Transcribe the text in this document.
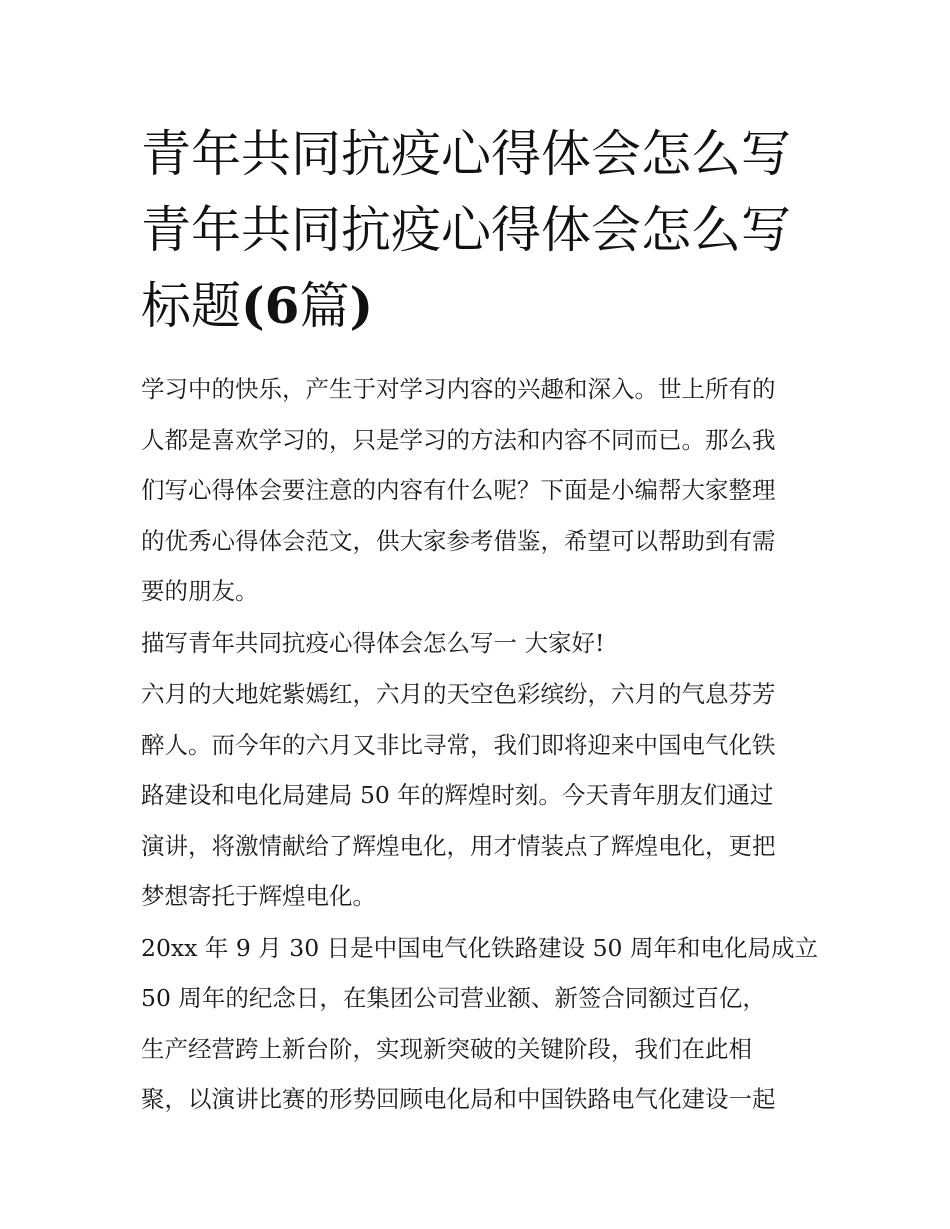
青年共同抗疫心得体会怎么写
青年共同抗疫心得体会怎么写
标题(6篇)

学习中的快乐，产生于对学习内容的兴趣和深入。世上所有的
人都是喜欢学习的，只是学习的方法和内容不同而已。那么我
们写心得体会要注意的内容有什么呢？下面是小编帮大家整理
的优秀心得体会范文，供大家参考借鉴，希望可以帮助到有需
要的朋友。

描写青年共同抗疫心得体会怎么写一 大家好!

六月的大地姹紫嫣红，六月的天空色彩缤纷，六月的气息芬芳
醉人。而今年的六月又非比寻常，我们即将迎来中国电气化铁
路建设和电化局建局 50 年的辉煌时刻。今天青年朋友们通过
演讲，将激情献给了辉煌电化，用才情装点了辉煌电化，更把
梦想寄托于辉煌电化。

20xx 年 9 月 30 日是中国电气化铁路建设 50 周年和电化局成立
50 周年的纪念日，在集团公司营业额、新签合同额过百亿，
生产经营跨上新台阶，实现新突破的关键阶段，我们在此相
聚，以演讲比赛的形势回顾电化局和中国铁路电气化建设一起
